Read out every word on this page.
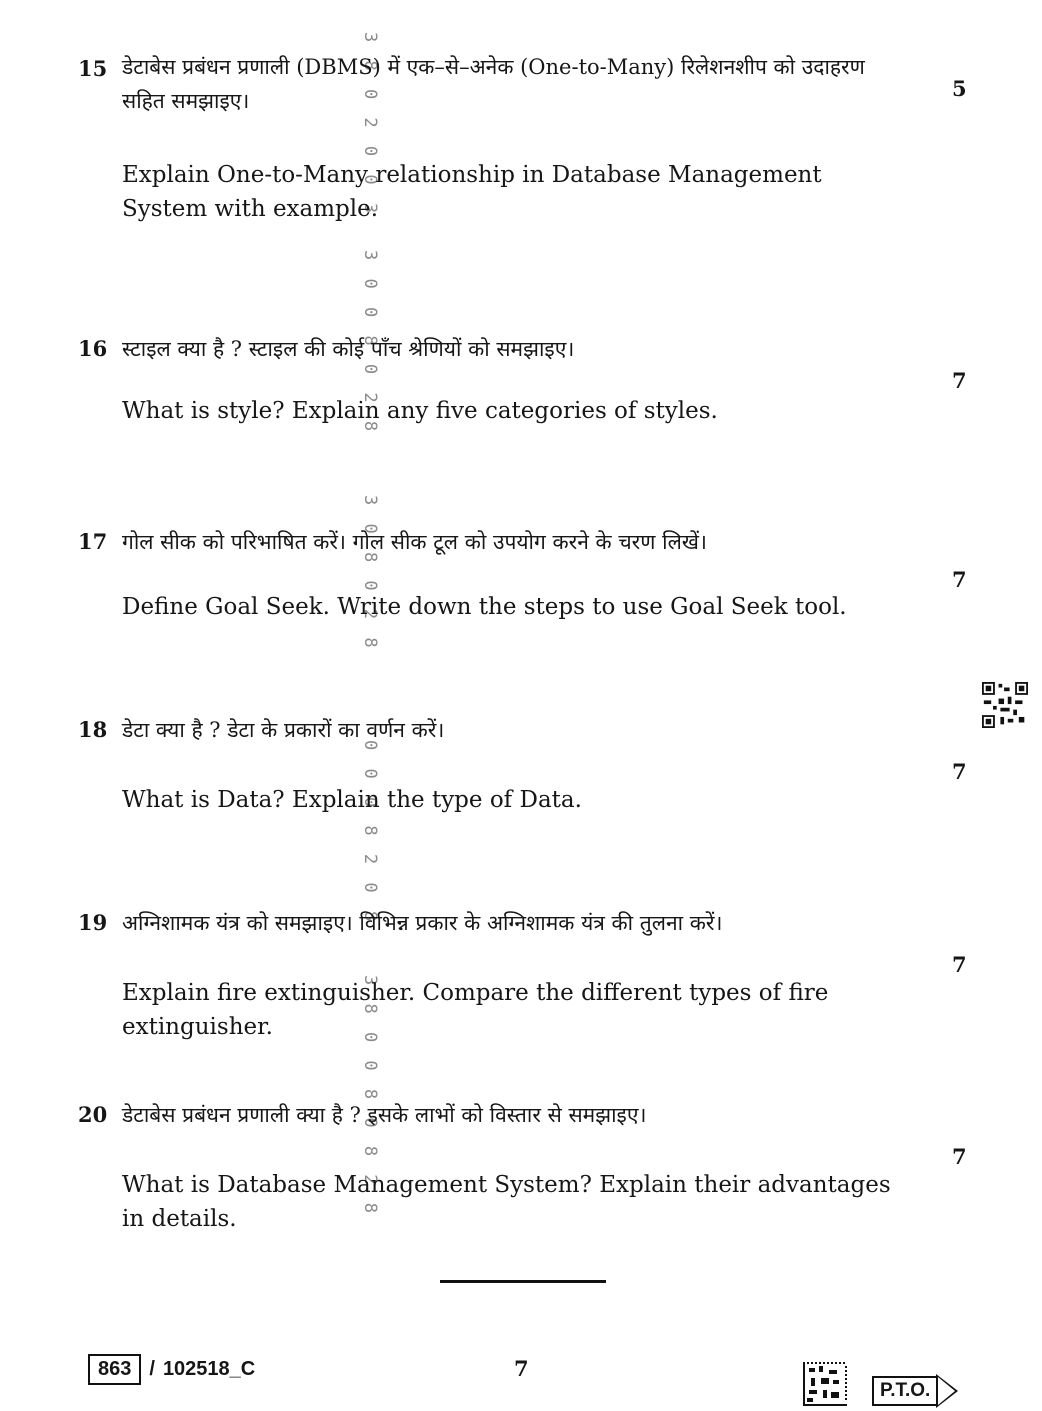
3 8 0 2 0 0 3
3 0 0 8 0 2 8
3 0 8 0 2 8
0 0 0 8 2 0 8
3 8 0 0 8 0 8 2 8
15 डेटाबेस प्रबंधन प्रणाली (DBMS) में एक–से–अनेक (One-to-Many) रिलेशनशीप को उदाहरण सहित समझाइए।
Explain One-to-Many relationship in Database Management System with example.
5
16 स्टाइल क्या है ? स्टाइल की कोई पाँच श्रेणियों को समझाइए।
What is style? Explain any five categories of styles.
7
17 गोल सीक को परिभाषित करें। गोल सीक टूल को उपयोग करने के चरण लिखें।
Define Goal Seek. Write down the steps to use Goal Seek tool.
7
18 डेटा क्या है ? डेटा के प्रकारों का वर्णन करें।
What is Data? Explain the type of Data.
7
19 अग्निशामक यंत्र को समझाइए। विभिन्न प्रकार के अग्निशामक यंत्र की तुलना करें।
Explain fire extinguisher. Compare the different types of fire extinguisher.
7
20 डेटाबेस प्रबंधन प्रणाली क्या है ? इसके लाभों को विस्तार से समझाइए।
What is Database Management System? Explain their advantages in details.
7
863 / 102518_C	7
P.T.O.
